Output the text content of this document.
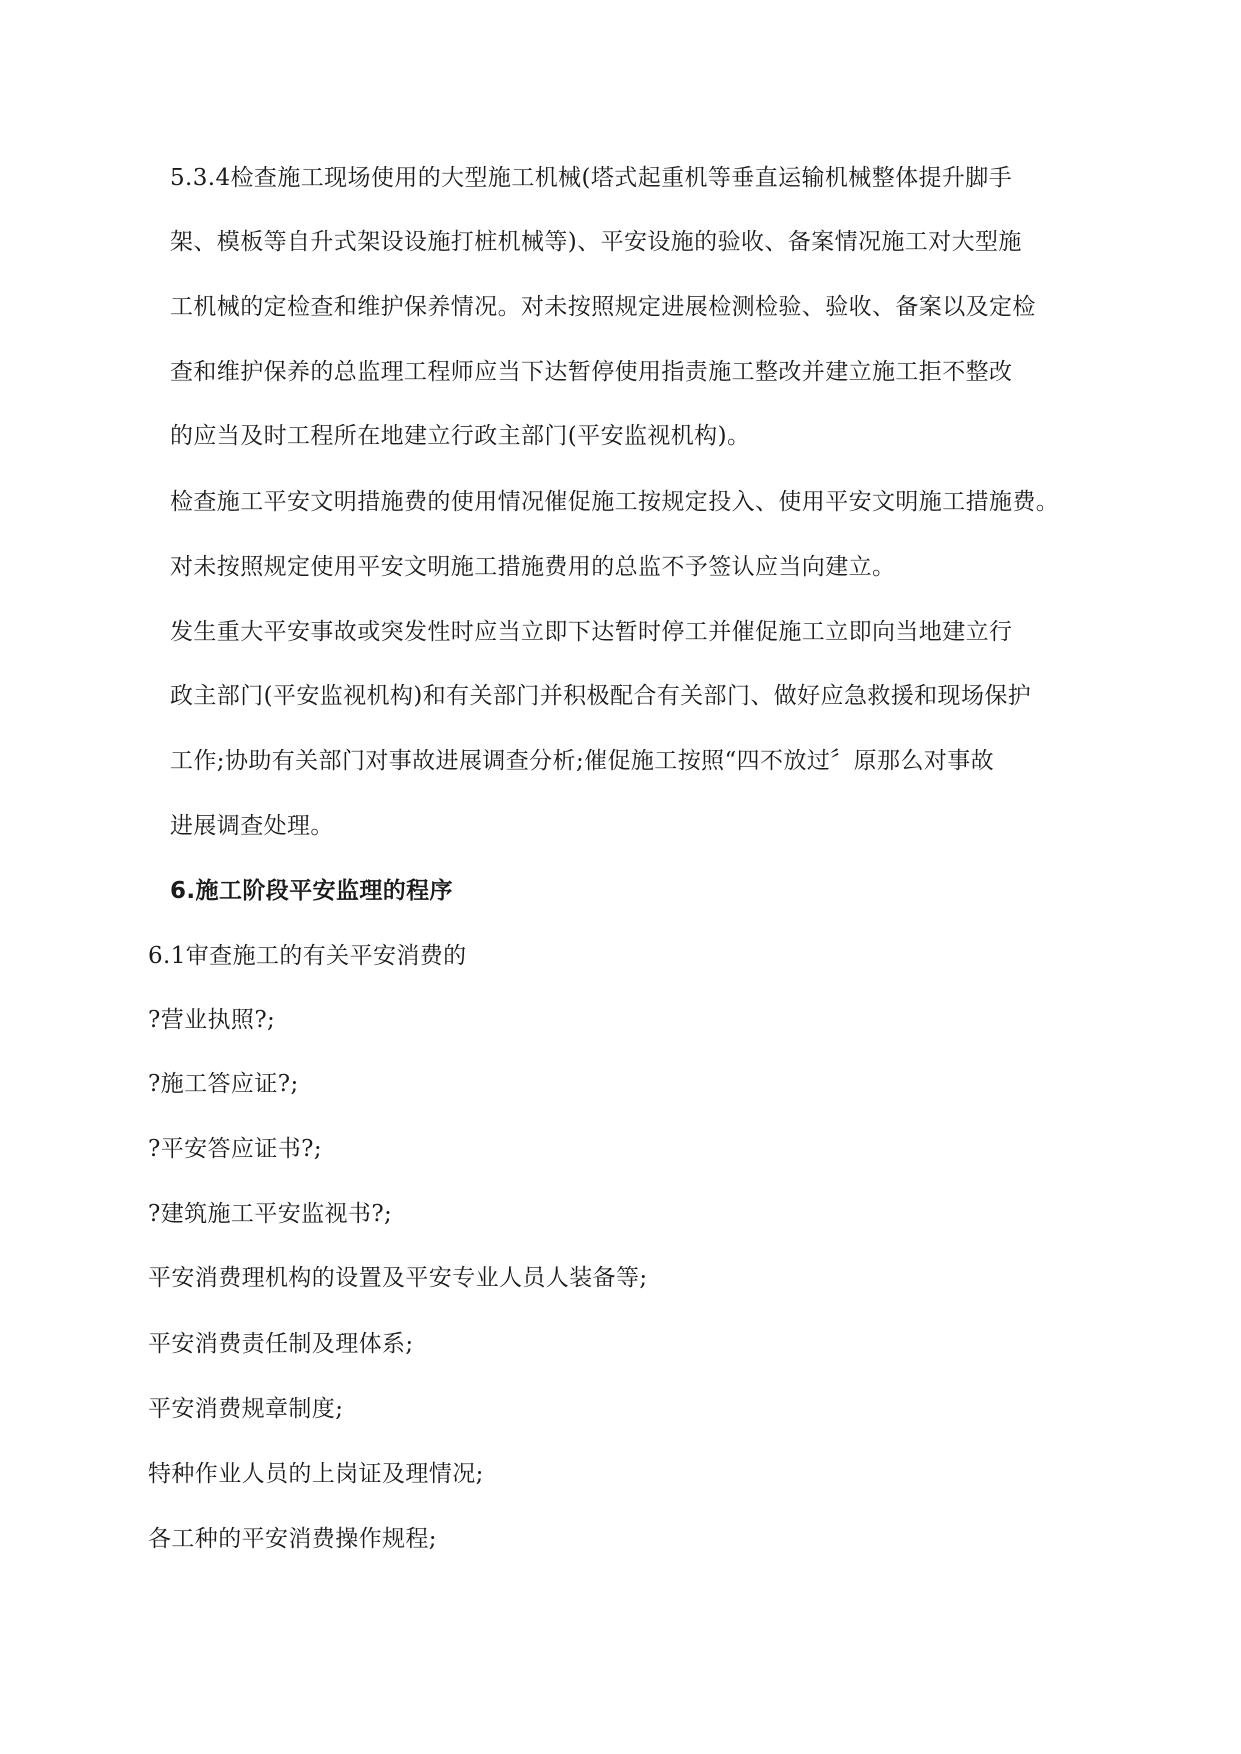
5.3.4检查施工现场使用的大型施工机械(塔式起重机等垂直运输机械整体提升脚手
架、模板等自升式架设设施打桩机械等)、平安设施的验收、备案情况施工对大型施
工机械的定检查和维护保养情况。对未按照规定进展检测检验、验收、备案以及定检
查和维护保养的总监理工程师应当下达暂停使用指责施工整改并建立施工拒不整改
的应当及时工程所在地建立行政主部门(平安监视机构)。
检查施工平安文明措施费的使用情况催促施工按规定投入、使用平安文明施工措施费。
对未按照规定使用平安文明施工措施费用的总监不予签认应当向建立。
发生重大平安事故或突发性时应当立即下达暂时停工并催促施工立即向当地建立行
政主部门(平安监视机构)和有关部门并积极配合有关部门、做好应急救援和现场保护
工作;协助有关部门对事故进展调查分析;催促施工按照“四不放过〞原那么对事故
进展调查处理。
6.施工阶段平安监理的程序
6.1审查施工的有关平安消费的
?营业执照?;
?施工答应证?;
?平安答应证书?;
?建筑施工平安监视书?;
平安消费理机构的设置及平安专业人员人装备等;
平安消费责任制及理体系;
平安消费规章制度;
特种作业人员的上岗证及理情况;
各工种的平安消费操作规程;
